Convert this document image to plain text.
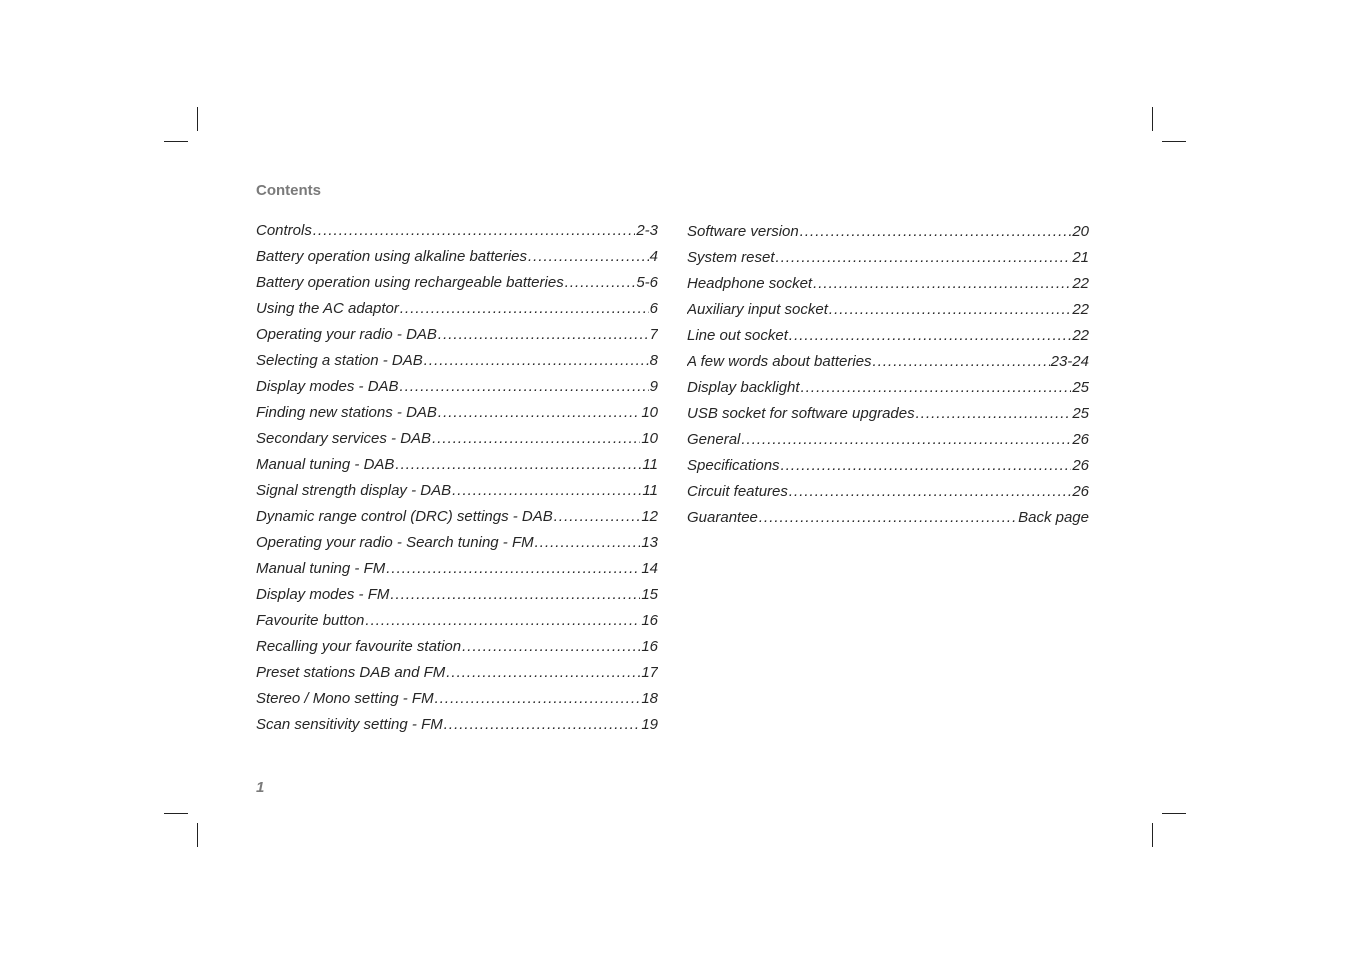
Contents
Controls .....	2-3
Battery operation using alkaline batteries .....	4
Battery operation using rechargeable batteries .....	5-6
Using the AC adaptor .....	6
Operating your radio - DAB .....	7
Selecting a station - DAB .....	8
Display modes - DAB .....	9
Finding new stations - DAB .....	10
Secondary services - DAB .....	10
Manual tuning - DAB .....	11
Signal strength display - DAB .....	11
Dynamic range control (DRC) settings - DAB .....	12
Operating your radio - Search tuning - FM .....	13
Manual tuning - FM .....	14
Display modes - FM .....	15
Favourite button .....	16
Recalling your favourite station .....	16
Preset stations DAB and FM .....	17
Stereo / Mono setting - FM .....	18
Scan sensitivity setting - FM .....	19
Software version .....	20
System reset .....	21
Headphone socket .....	22
Auxiliary input socket .....	22
Line out socket .....	22
A few words about batteries .....	23-24
Display backlight .....	25
USB socket for software upgrades .....	25
General .....	26
Specifications .....	26
Circuit features .....	26
Guarantee .....	Back page
1
